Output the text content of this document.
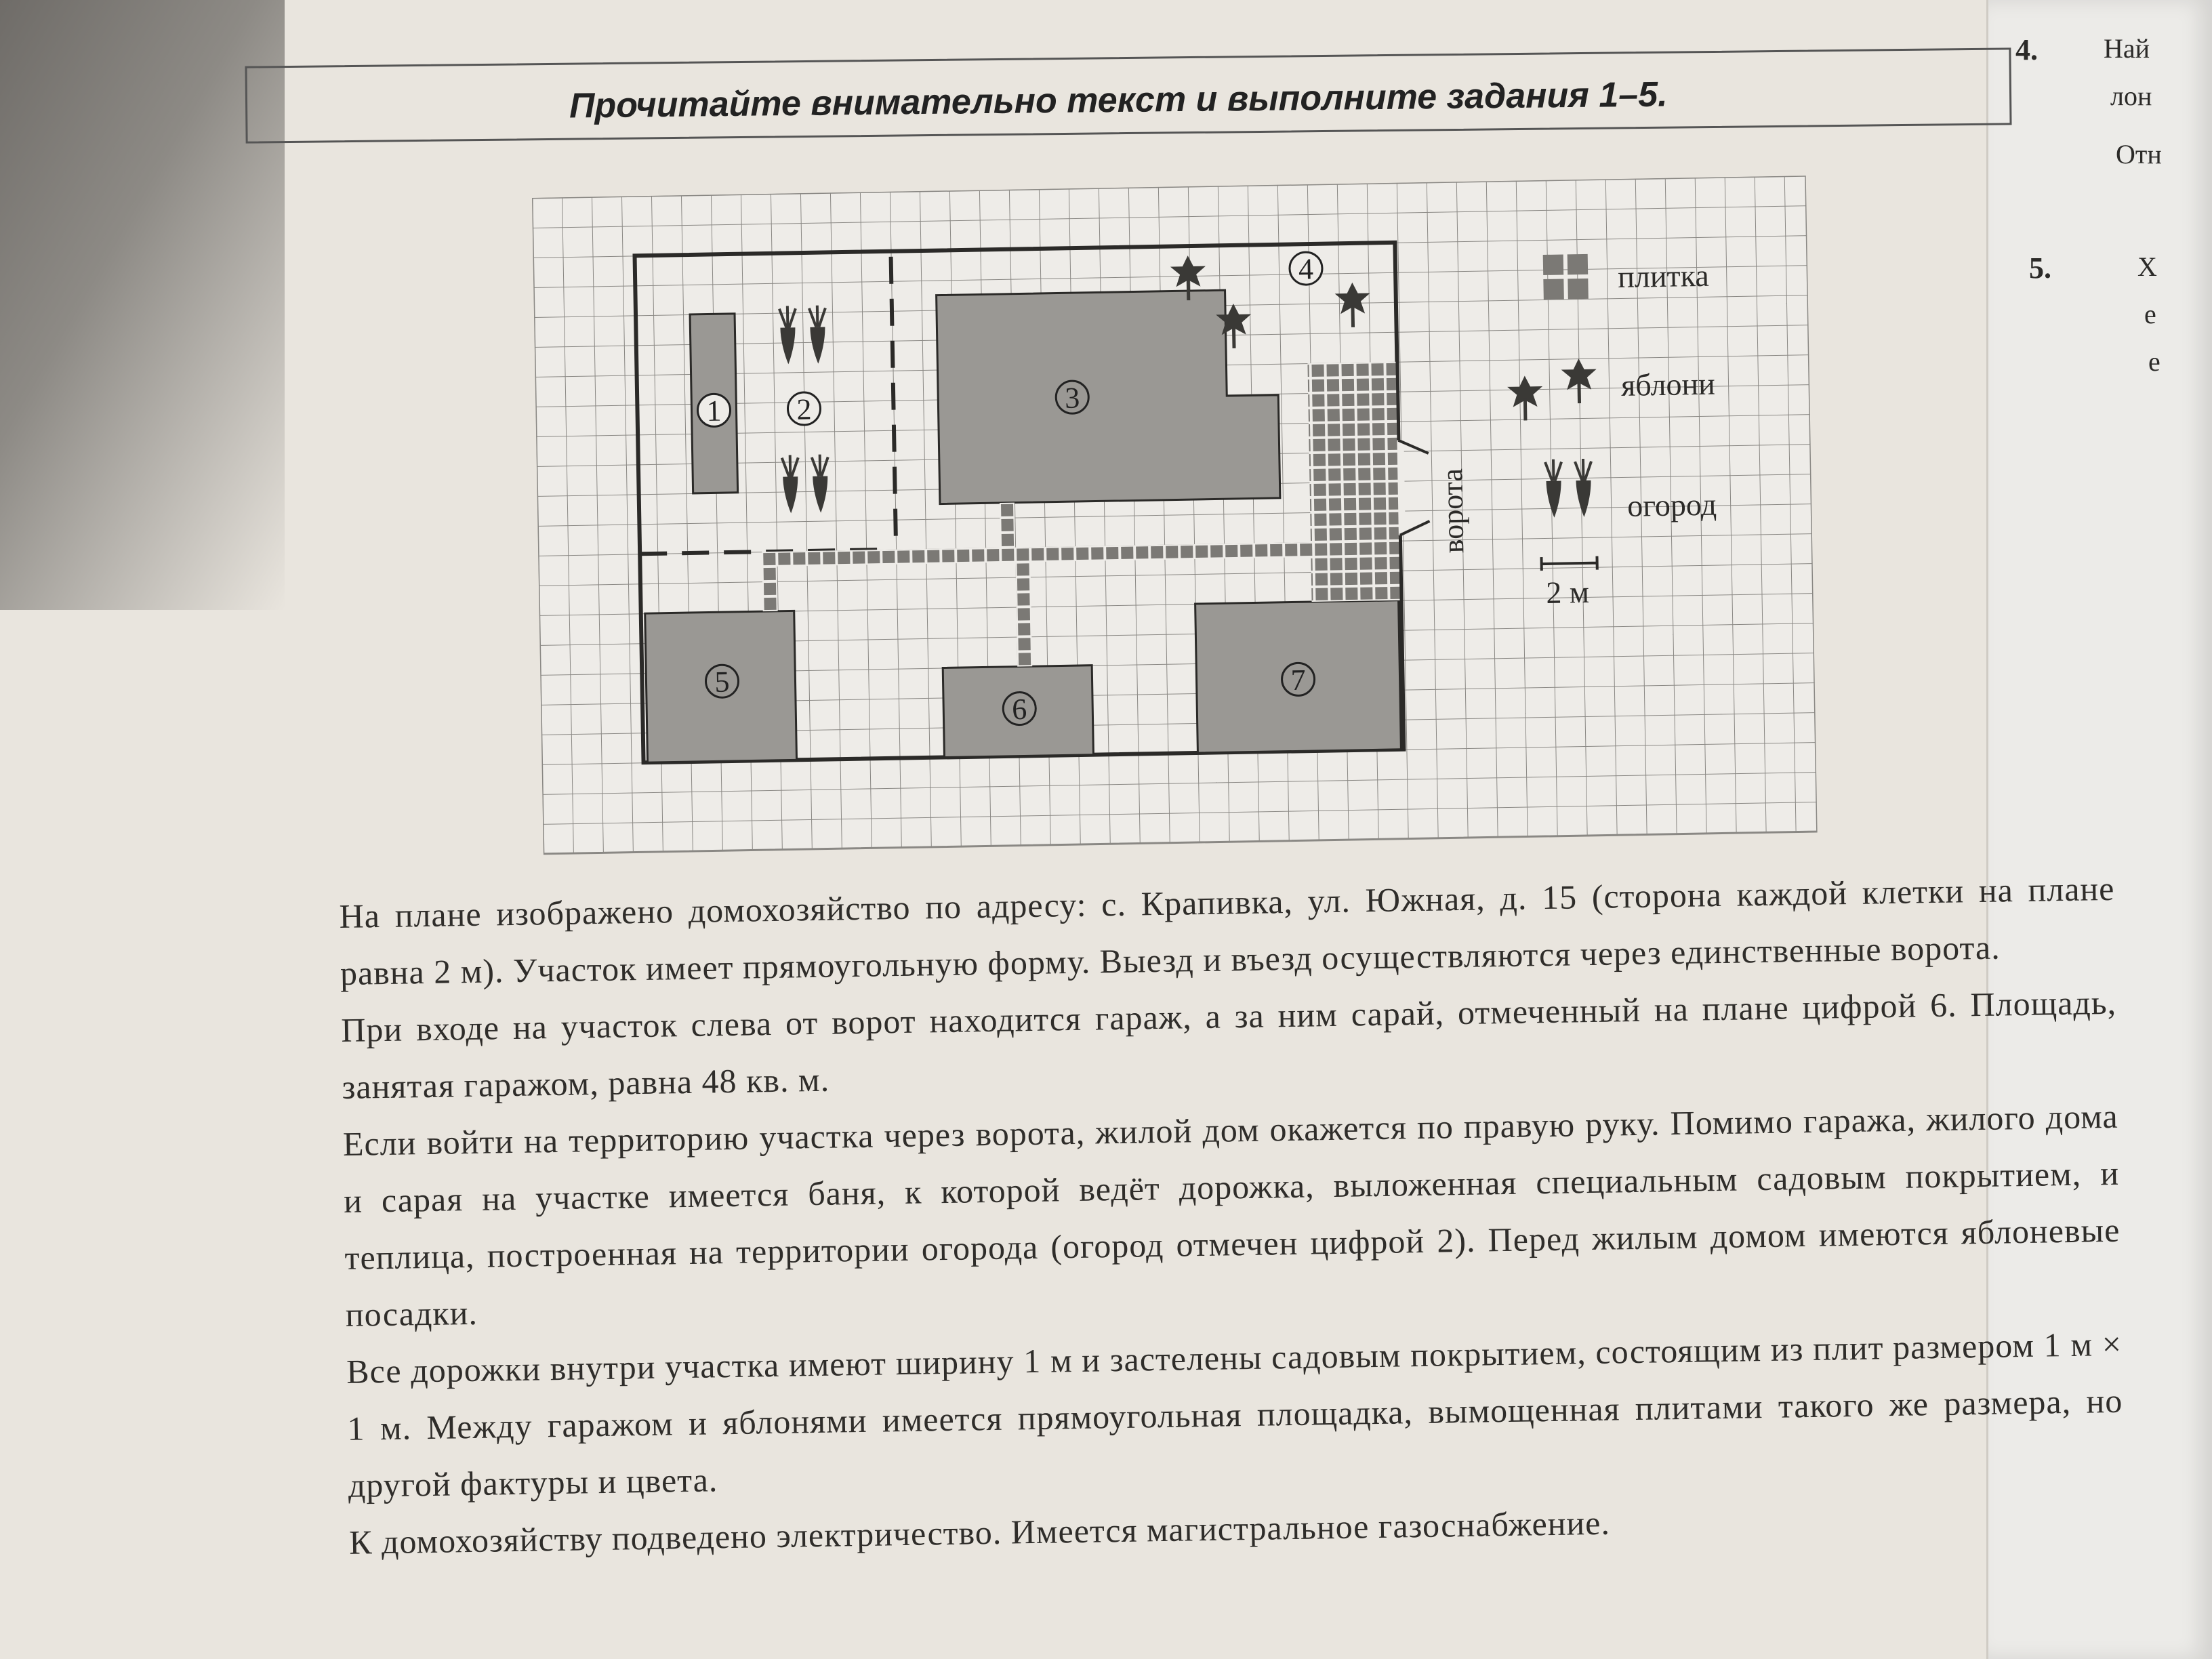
4. Най
лон
Отн
5.	Х
е
е

Прочитайте внимательно текст и выполните задания 1–5.
ворота
1	2	3
4
5
6
7
плитка
яблони
огород
2 м

На плане изображено домохозяйство по адресу: с. Крапивка, ул. Южная, д. 15 (сторона каждой клетки на плане равна 2 м). Участок имеет прямоугольную форму. Выезд и въезд осуществляются через единственные ворота.

При входе на участок слева от ворот находится гараж, а за ним сарай, отмеченный на плане цифрой 6. Площадь, занятая гаражом, равна 48 кв. м.

Если войти на территорию участка через ворота, жилой дом окажется по правую руку. Помимо гаража, жилого дома и сарая на участке имеется баня, к которой ведёт дорожка, выложенная специальным садовым покрытием, и теплица, построенная на территории огорода (огород отмечен цифрой 2). Перед жилым домом имеются яблоневые посадки.

Все дорожки внутри участка имеют ширину 1 м и застелены садовым покрытием, состоящим из плит размером 1 м × 1 м. Между гаражом и яблонями имеется прямоугольная площадка, вымощенная плитами такого же размера, но другой фактуры и цвета.

К домохозяйству подведено электричество. Имеется магистральное газоснабжение.
